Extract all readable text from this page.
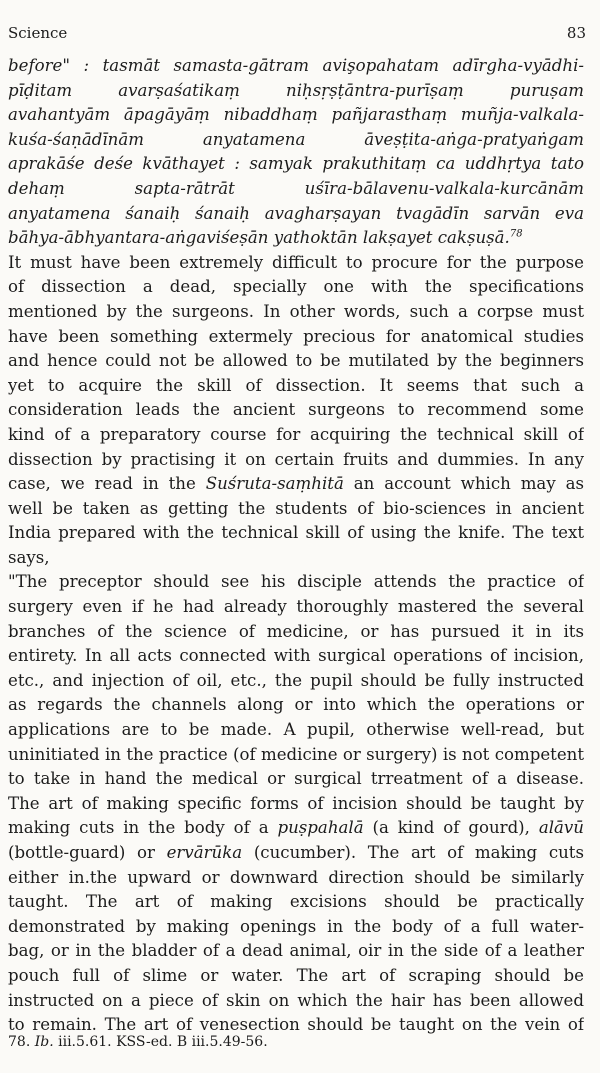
Science	83
before" : tasmāt samasta-gātram avişopahatam adīrgha-vyādhi-
pīḍitam avarṣaśatikaṃ niḥsṛṣṭāntra-purīṣaṃ puruṣam
avahantyām āpagāyāṃ nibaddhaṃ pañjarasthaṃ muñja-valkala-
kuśa-śaṇādīnām anyatamena āveṣṭita-aṅga-pratyaṅgam
aprakāśe deśe kvāthayet : samyak prakuthitaṃ ca uddhṛtya tato
dehaṃ sapta-rātrāt uśīra-bālavenu-valkala-kurcānām
anyatamena śanaiḥ śanaiḥ avagharṣayan tvagādīn sarvān eva
bāhya-ābhyantara-aṅgaviśeṣān yathoktān lakṣayet cakṣuṣā.$^{78}$
It must have been extremely difficult to procure for the purpose
of dissection a dead, specially one with the specifications
mentioned by the surgeons. In other words, such a corpse must
have been something extermely precious for anatomical studies
and hence could not be allowed to be mutilated by the beginners
yet to acquire the skill of dissection. It seems that such a
consideration leads the ancient surgeons to recommend some
kind of a preparatory course for acquiring the technical skill of
dissection by practising it on certain fruits and dummies. In any
case, we read in the Suśruta-saṃhitā an account which may as
well be taken as getting the students of bio-sciences in ancient
India prepared with the technical skill of using the knife. The text
says,
"The preceptor should see his disciple attends the practice of
surgery even if he had already thoroughly mastered the several
branches of the science of medicine, or has pursued it in its
entirety. In all acts connected with surgical operations of incision,
etc., and injection of oil, etc., the pupil should be fully instructed
as regards the channels along or into which the operations or
applications are to be made. A pupil, otherwise well-read, but
uninitiated in the practice (of medicine or surgery) is not competent
to take in hand the medical or surgical trreatment of a disease.
The art of making specific forms of incision should be taught by
making cuts in the body of a puṣpahalā (a kind of gourd), alāvū
(bottle-guard) or ervārūka (cucumber). The art of making cuts
either in.the upward or downward direction should be similarly
taught. The art of making excisions should be practically
demonstrated by making openings in the body of a full water-
bag, or in the bladder of a dead animal, oir in the side of a leather
pouch full of slime or water. The art of scraping should be
instructed on a piece of skin on which the hair has been allowed
to remain. The art of venesection should be taught on the vein of
78. Ib. iii.5.61. KSS-ed. B iii.5.49-56.
